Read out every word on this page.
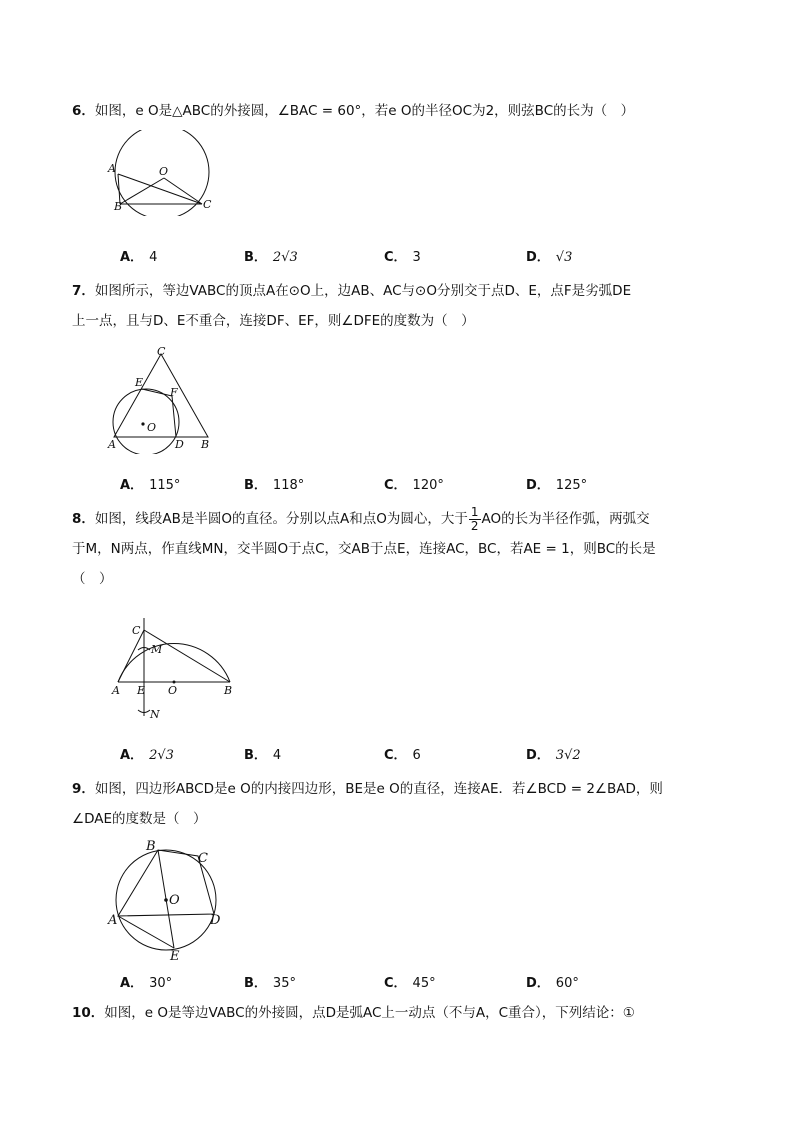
6．如图，e O是△ABC的外接圆，∠BAC = 60°，若e O的半径OC为2，则弦BC的长为（　）
A
B	C
O
A． 4	B． 2√3	C． 3	D． √3
7．如图所示，等边VABC的顶点A在⊙O上，边AB、AC与⊙O分别交于点D、E，点F是劣弧DE
上一点，且与D、E不重合，连接DF、EF，则∠DFE的度数为（　）
A	B
C
D
E
F
O
A． 115°	B． 118°	C． 120°	D． 125°
8．如图，线段AB是半圆O的直径。分别以点A和点O为圆心，大于 $\frac{1}{2}$ AO的长为半径作弧，两弧交
于M，N两点，作直线MN，交半圆O于点C，交AB于点E，连接AC，BC，若AE = 1，则BC的长是
（　）
A	B
C
E O
M
N
A． 2√3	B． 4	C． 6	D． 3√2
9．如图，四边形ABCD是e O的内接四边形，BE是e O的直径，连接AE．若∠BCD = 2∠BAD，则
∠DAE的度数是（　）
A
B
C
D
E
O
A． 30°	B． 35°	C． 45°	D． 60°
10．如图，e O是等边VABC的外接圆，点D是弧AC上一动点（不与A，C重合），下列结论：①
